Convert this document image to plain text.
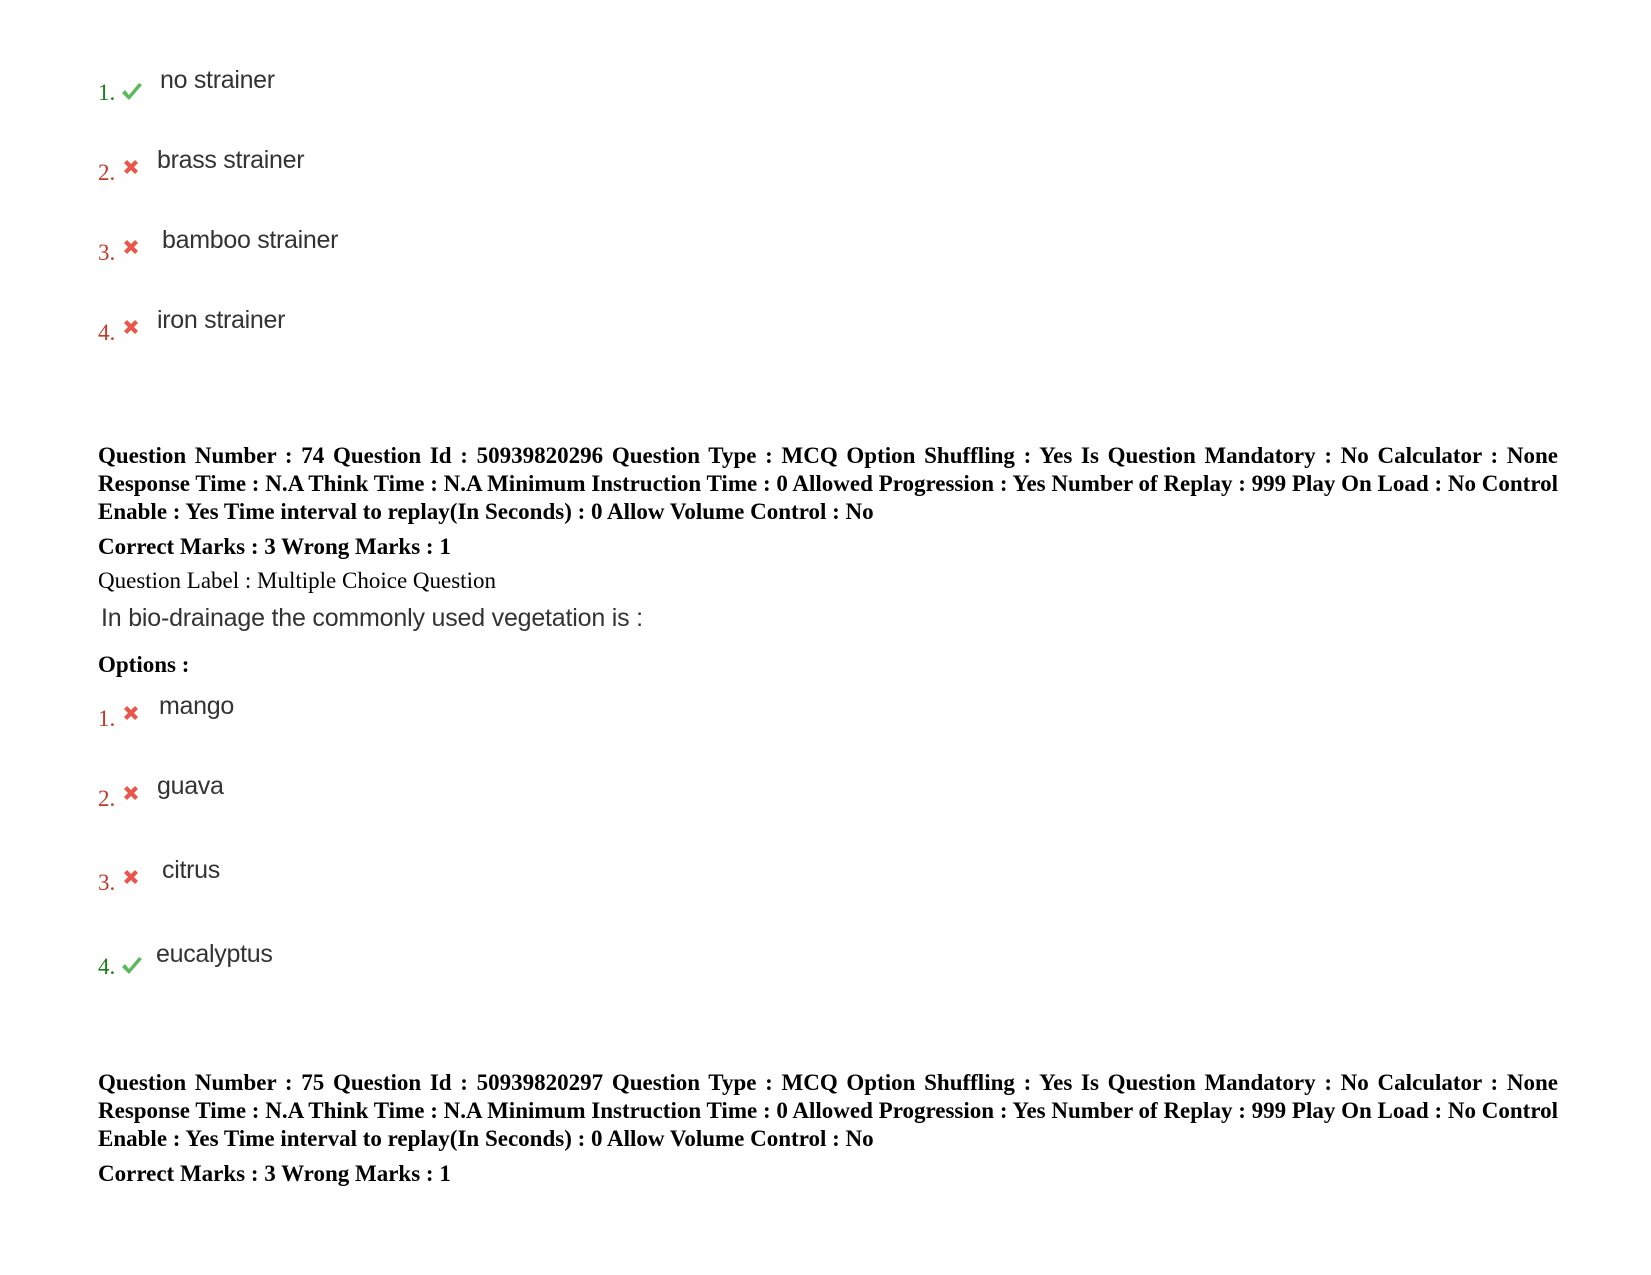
1. no strainer
2. brass strainer
3. bamboo strainer
4. iron strainer
Question Number : 74 Question Id : 50939820296 Question Type : MCQ Option Shuffling : Yes Is Question Mandatory : No Calculator : None Response Time : N.A Think Time : N.A Minimum Instruction Time : 0 Allowed Progression : Yes Number of Replay : 999 Play On Load : No Control Enable : Yes Time interval to replay(In Seconds) : 0 Allow Volume Control : No
Correct Marks : 3 Wrong Marks : 1
Question Label : Multiple Choice Question
In bio-drainage the commonly used vegetation is :
Options :
1. mango
2. guava
3. citrus
4. eucalyptus
Question Number : 75 Question Id : 50939820297 Question Type : MCQ Option Shuffling : Yes Is Question Mandatory : No Calculator : None Response Time : N.A Think Time : N.A Minimum Instruction Time : 0 Allowed Progression : Yes Number of Replay : 999 Play On Load : No Control Enable : Yes Time interval to replay(In Seconds) : 0 Allow Volume Control : No
Correct Marks : 3 Wrong Marks : 1
